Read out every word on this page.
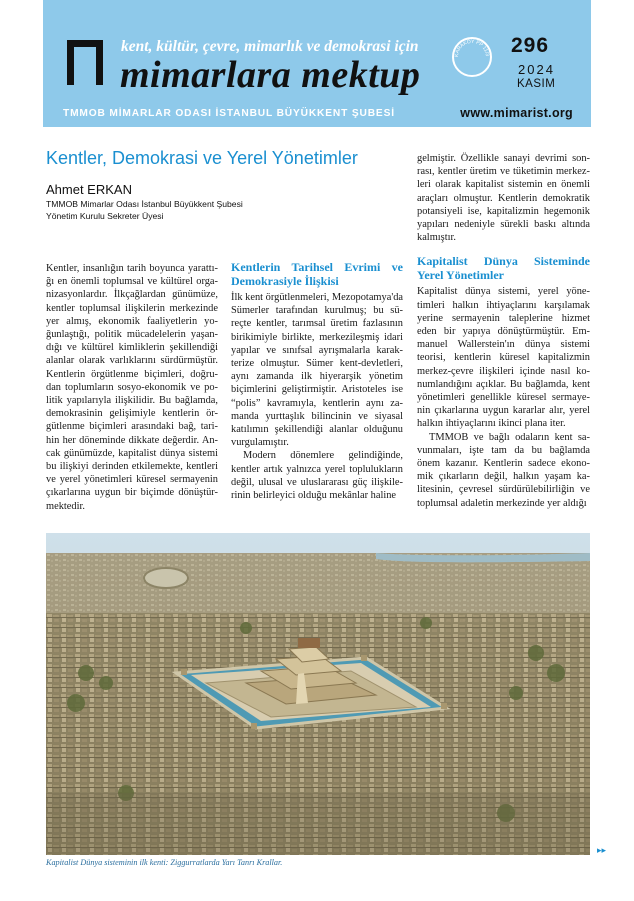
kent, kültür, çevre, mimarlık ve demokrasi için
mimarlara mektup	KARAKÖY PP 11/3 296
2024
KASIM
TMMOB MİMARLAR ODASI İSTANBUL BÜYÜKKENT ŞUBESİ	www.mimarist.org
Kentler, Demokrasi ve Yerel Yönetimler
Ahmet ERKAN
TMMOB Mimarlar Odası İstanbul Büyükkent Şubesi
Yönetim Kurulu Sekreter Üyesi

Kentler, insanlığın tarih boyunca yarattı-ğı en önemli toplumsal ve kültürel orga-nizasyonlardır. İlkçağlardan günümüze, kentler toplumsal ilişkilerin merkezinde yer almış, ekonomik faaliyetlerin yo-ğunlaştığı, politik mücadelelerin yaşan-dığı ve kültürel kimliklerin şekillendiği alanlar olarak varlıklarını sürdürmüştür. Kentlerin örgütlenme biçimleri, doğru-dan toplumların sosyo-ekonomik ve po-litik yapılarıyla ilişkilidir. Bu bağlamda, demokrasinin gelişimiyle kentlerin ör-gütlenme biçimleri arasındaki bağ, tari-hin her döneminde dikkate değerdir. An-cak günümüzde, kapitalist dünya sistemi bu ilişkiyi derinden etkilemekte, kentleri ve yerel yönetimleri küresel sermayenin çıkarlarına uygun bir biçimde dönüştür-mektedir.

Kentlerin Tarihsel Evrimi ve Demokrasiyle İlişkisi

İlk kent örgütlenmeleri, Mezopotamya'da Sümerler tarafından kurulmuş; bu sü-reçte kentler, tarımsal üretim fazlasının birikimiyle birlikte, merkezileşmiş idari yapılar ve sınıfsal ayrışmalarla karak-terize olmuştur. Sümer kent-devletleri, aynı zamanda ilk hiyerarşik yönetim biçimlerini geliştirmiştir. Aristoteles ise “polis” kavramıyla, kentlerin aynı za-manda yurttaşlık bilincinin ve siyasal katılımın şekillendiği alanlar olduğunu vurgulamıştır.

Modern dönemlere gelindiğinde, kentler artık yalnızca yerel toplulukların değil, ulusal ve uluslararası güç ilişkile-rinin belirleyici olduğu mekânlar haline

gelmiştir. Özellikle sanayi devrimi son-rası, kentler üretim ve tüketimin merkez-leri olarak kapitalist sistemin en önemli araçları olmuştur. Kentlerin demokratik potansiyeli ise, kapitalizmin hegemonik yapıları nedeniyle sürekli baskı altında kalmıştır.

Kapitalist Dünya Sisteminde Yerel Yönetimler

Kapitalist dünya sistemi, yerel yöne-timleri halkın ihtiyaçlarını karşılamak yerine sermayenin taleplerine hizmet eden bir yapıya dönüştürmüştür. Em-manuel Wallerstein'ın dünya sistemi teorisi, kentlerin küresel kapitalizmin merkez-çevre ilişkileri içinde nasıl ko-numlandığını açıklar. Bu bağlamda, kent yönetimleri genellikle küresel sermaye-nin çıkarlarına uygun kararlar alır, yerel halkın ihtiyaçlarını ikinci plana iter.

TMMOB ve bağlı odaların kent sa-vunmaları, işte tam da bu bağlamda önem kazanır. Kentlerin sadece ekono-mik çıkarların değil, halkın yaşam ka-litesinin, çevresel sürdürülebilirliğin ve toplumsal adaletin merkezinde yer aldığı

Kapitalist Dünya sisteminin ilk kenti: Ziggurratlarda Yarı Tanrı Krallar.
▸▸
